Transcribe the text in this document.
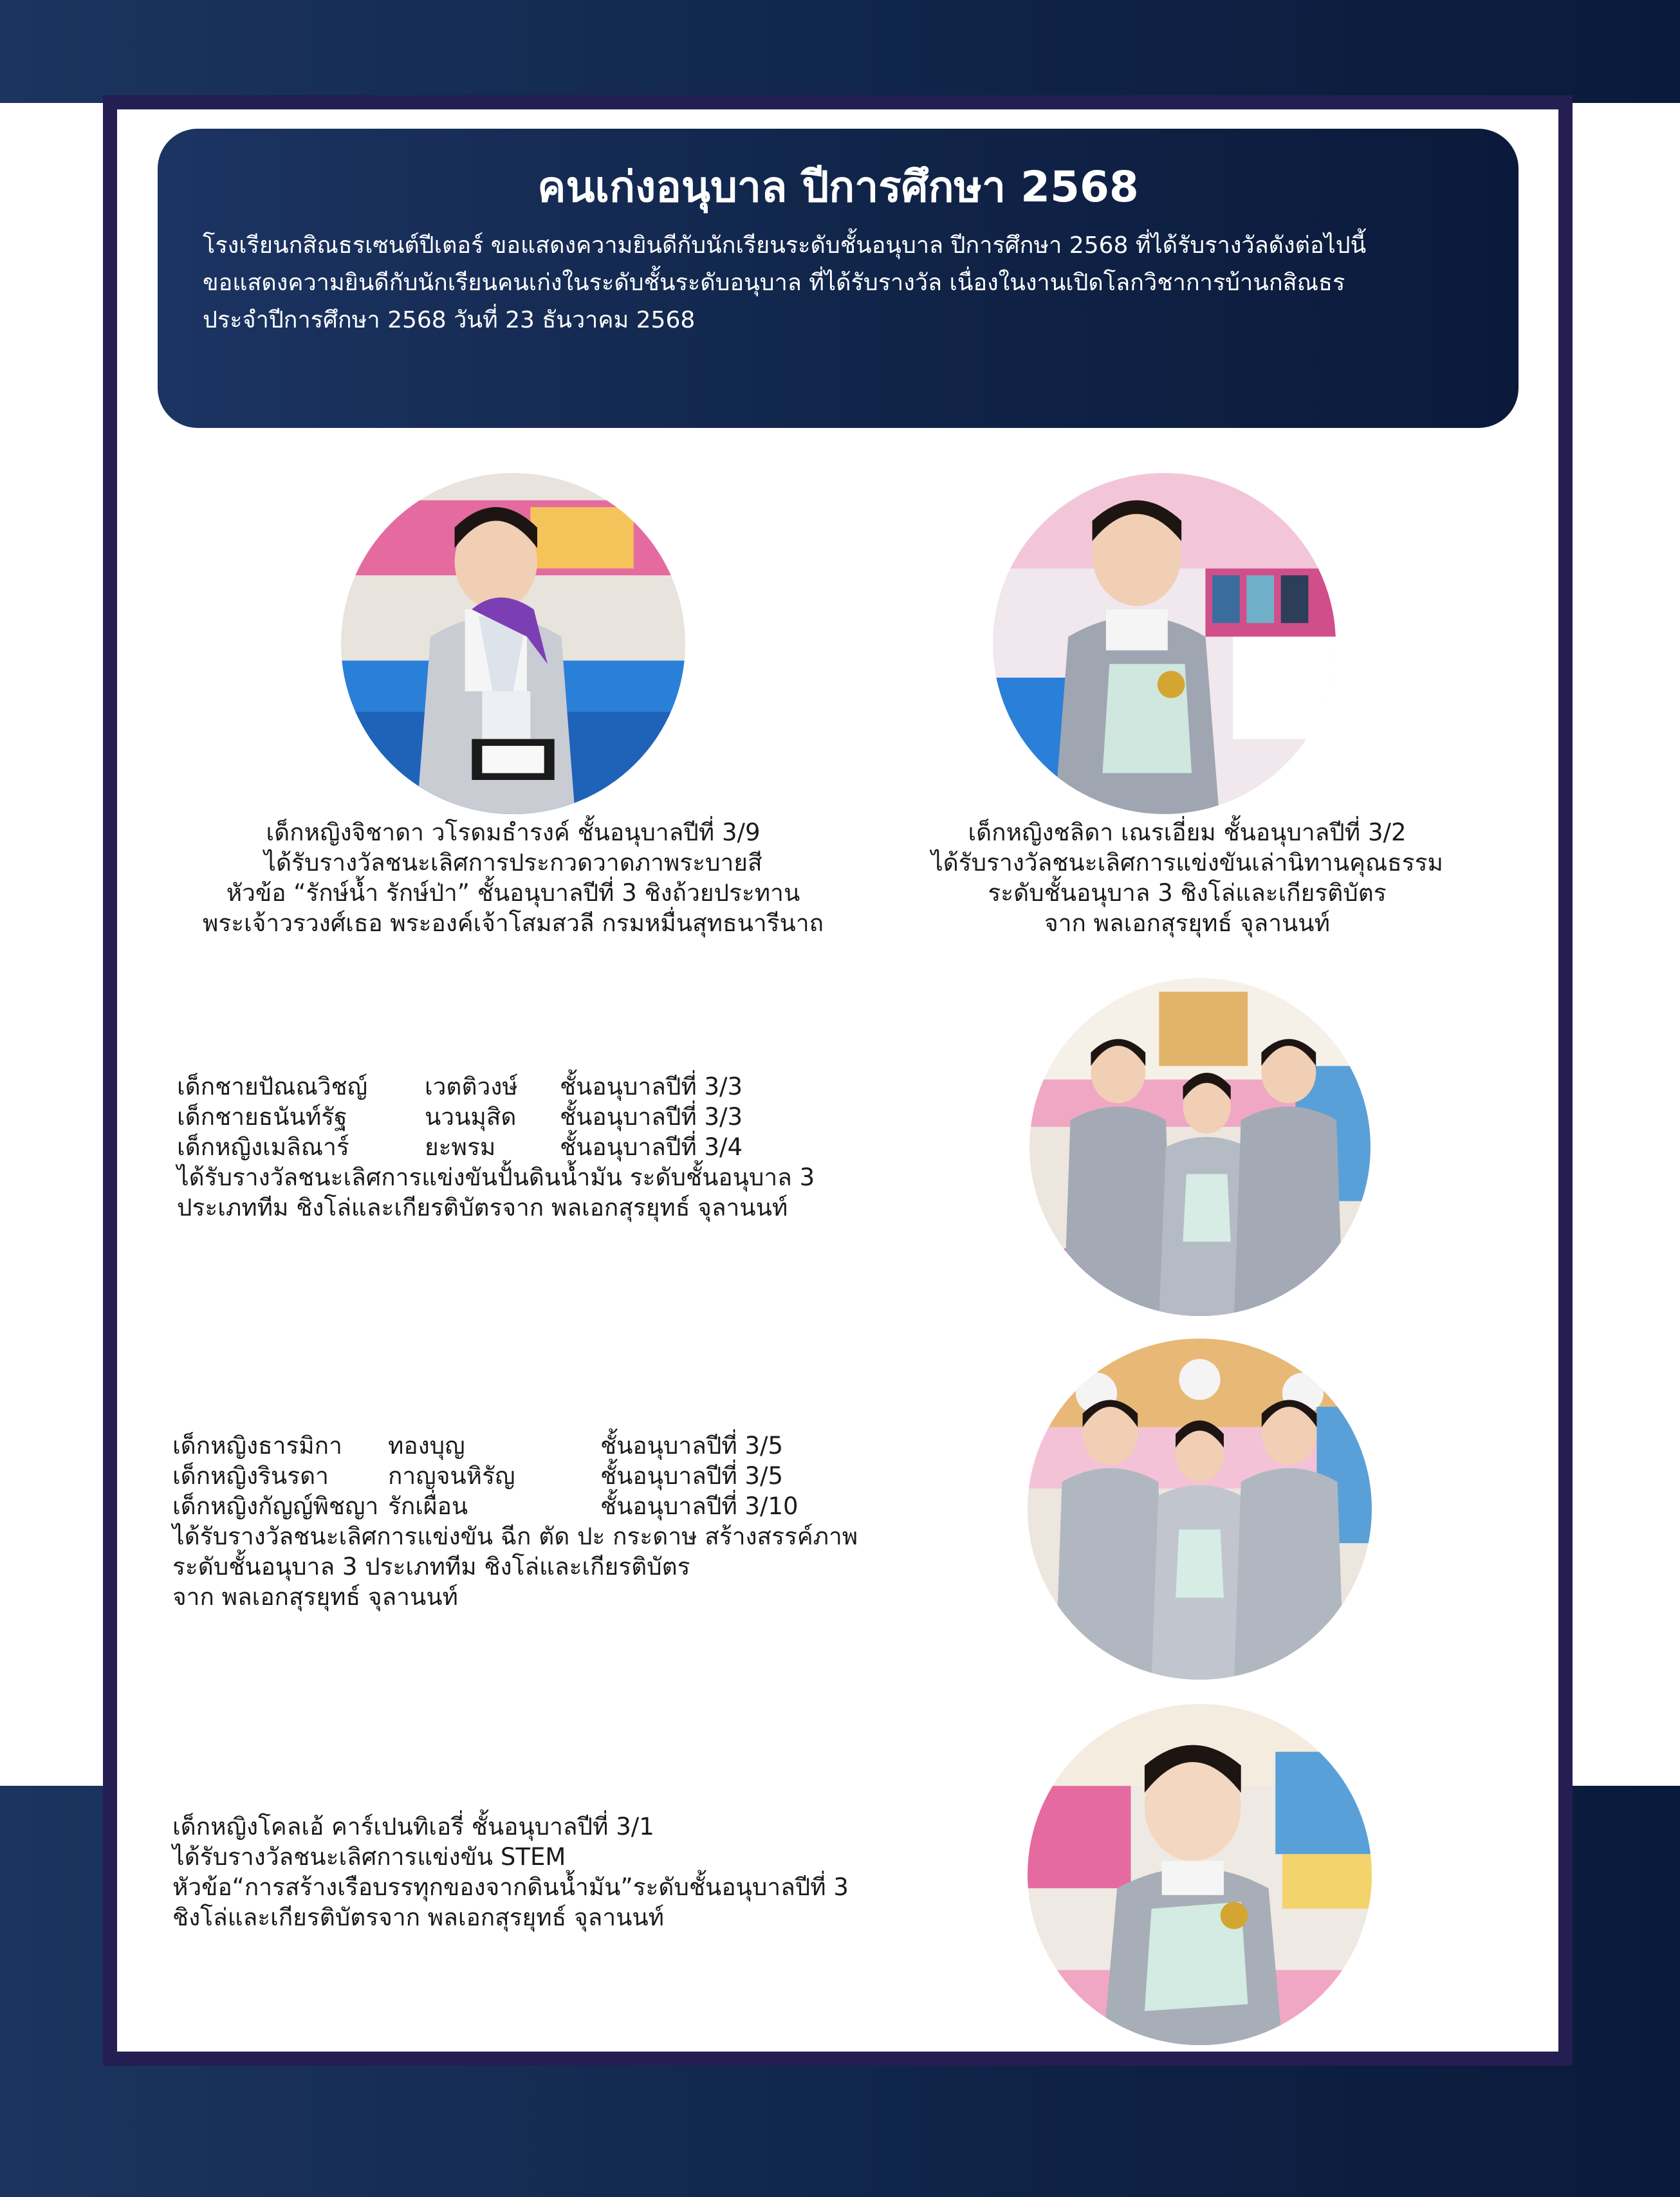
คนเก่งอนุบาล ปีการศึกษา 2568

โรงเรียนกสิณธรเซนต์ปีเตอร์ ขอแสดงความยินดีกับนักเรียนระดับชั้นอนุบาล ปีการศึกษา 2568 ที่ได้รับรางวัลดังต่อไปนี้
ขอแสดงความยินดีกับนักเรียนคนเก่งในระดับชั้นระดับอนุบาล ที่ได้รับรางวัล เนื่องในงานเปิดโลกวิชาการบ้านกสิณธร
ประจำปีการศึกษา 2568 วันที่ 23 ธันวาคม 2568

เด็กหญิงจิชาดา วโรดมธำรงค์ ชั้นอนุบาลปีที่ 3/9
ได้รับรางวัลชนะเลิศการประกวดวาดภาพระบายสี
หัวข้อ “รักษ์น้ำ รักษ์ป่า” ชั้นอนุบาลปีที่ 3 ชิงถ้วยประทาน
พระเจ้าวรวงศ์เธอ พระองค์เจ้าโสมสวลี กรมหมื่นสุทธนารีนาถ
เด็กหญิงชลิดา เณรเอี่ยม ชั้นอนุบาลปีที่ 3/2
ได้รับรางวัลชนะเลิศการแข่งขันเล่านิทานคุณธรรม
ระดับชั้นอนุบาล 3 ชิงโล่และเกียรติบัตร
จาก พลเอกสุรยุทธ์ จุลานนท์
เด็กชายปัณณวิชญ์	เวตติวงษ์	ชั้นอนุบาลปีที่ 3/3
เด็กชายธนันท์รัฐ	นวนมุสิด	ชั้นอนุบาลปีที่ 3/3
เด็กหญิงเมลิณาร์	ยะพรม	ชั้นอนุบาลปีที่ 3/4
ได้รับรางวัลชนะเลิศการแข่งขันปั้นดินน้ำมัน ระดับชั้นอนุบาล 3
ประเภททีม ชิงโล่และเกียรติบัตรจาก พลเอกสุรยุทธ์ จุลานนท์
เด็กหญิงธารมิกา	ทองบุญ	ชั้นอนุบาลปีที่ 3/5
เด็กหญิงรินรดา	กาญจนหิรัญ	ชั้นอนุบาลปีที่ 3/5
เด็กหญิงกัญญ์พิชญา รักเผื่อน	ชั้นอนุบาลปีที่ 3/10
ได้รับรางวัลชนะเลิศการแข่งขัน ฉีก ตัด ปะ กระดาษ สร้างสรรค์ภาพ
ระดับชั้นอนุบาล 3 ประเภททีม ชิงโล่และเกียรติบัตร
จาก พลเอกสุรยุทธ์ จุลานนท์
เด็กหญิงโคลเอ้ คาร์เปนทิเอรี่ ชั้นอนุบาลปีที่ 3/1
ได้รับรางวัลชนะเลิศการแข่งขัน STEM
หัวข้อ“การสร้างเรือบรรทุกของจากดินน้ำมัน”ระดับชั้นอนุบาลปีที่ 3
ชิงโล่และเกียรติบัตรจาก พลเอกสุรยุทธ์ จุลานนท์
